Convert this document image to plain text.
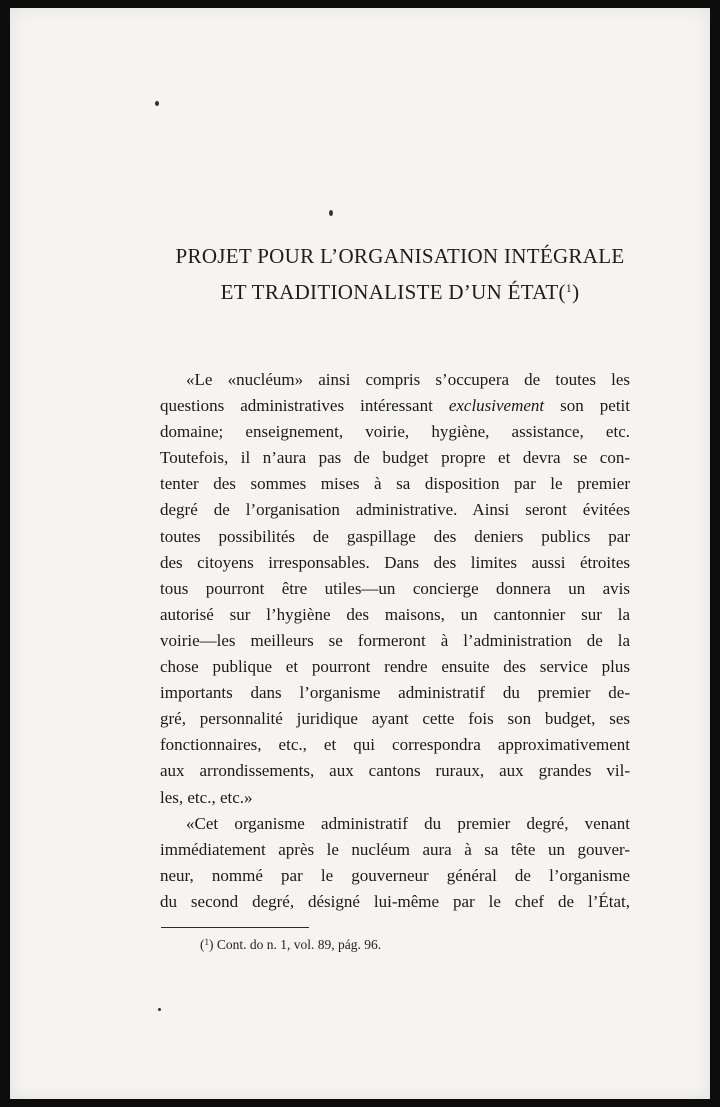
PROJET POUR L’ORGANISATION INTÉGRALE
ET TRADITIONALISTE D’UN ÉTAT($^1$)
«Le «nucléum» ainsi compris s’occupera de toutes les
questions administratives intéressant exclusivement son petit
domaine; enseignement, voirie, hygiène, assistance, etc.
Toutefois, il n’aura pas de budget propre et devra se con-
tenter des sommes mises à sa disposition par le premier
degré de l’organisation administrative. Ainsi seront évitées
toutes possibilités de gaspillage des deniers publics par
des citoyens irresponsables. Dans des limites aussi étroites
tous pourront être utiles—un concierge donnera un avis
autorisé sur l’hygiène des maisons, un cantonnier sur la
voirie—les meilleurs se formeront à l’administration de la
chose publique et pourront rendre ensuite des service plus
importants dans l’organisme administratif du premier de-
gré, personnalité juridique ayant cette fois son budget, ses
fonctionnaires, etc., et qui correspondra approximativement
aux arrondissements, aux cantons ruraux, aux grandes vil-
les, etc., etc.»
«Cet organisme administratif du premier degré, venant
immédiatement après le nucléum aura à sa tête un gouver-
neur, nommé par le gouverneur général de l’organisme
du second degré, désigné lui-même par le chef de l’État,
($^1$) Cont. do n. 1, vol. 89, pág. 96.
